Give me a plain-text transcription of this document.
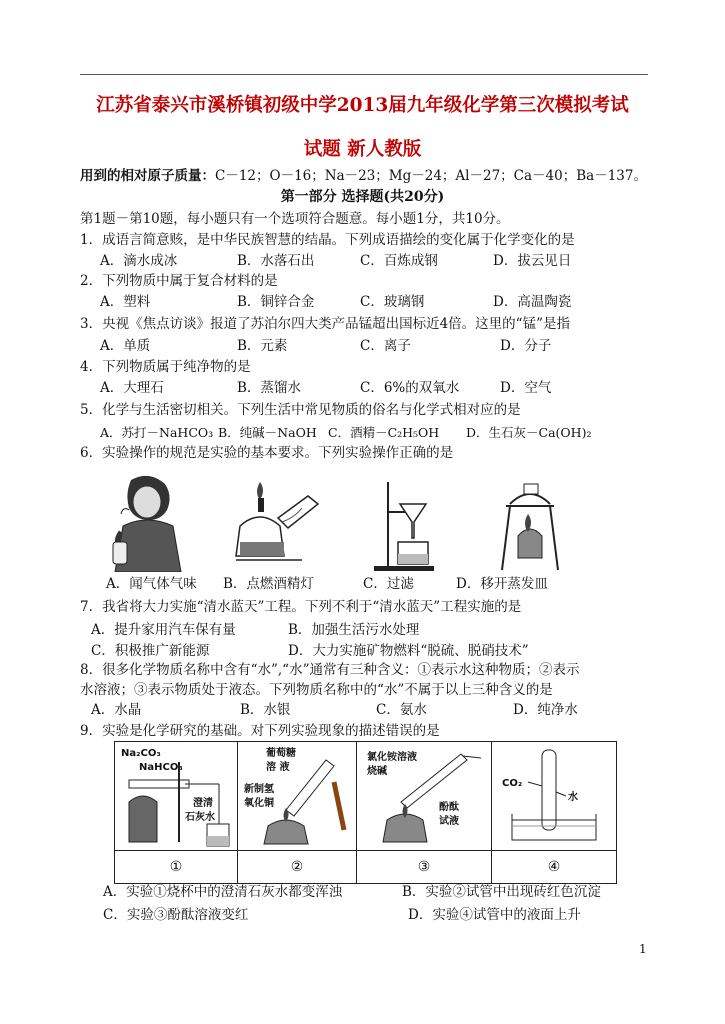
江苏省泰兴市溪桥镇初级中学2013届九年级化学第三次模拟考试
试题 新人教版
用到的相对原子质量：C－12；O－16；Na－23；Mg－24；Al－27；Ca－40；Ba－137。
第一部分 选择题(共20分)
第1题－第10题，每小题只有一个选项符合题意。每小题1分，共10分。
1．成语言简意赅，是中华民族智慧的结晶。下列成语描绘的变化属于化学变化的是
A．滴水成冰	B．水落石出	C．百炼成钢	D．拔云见日
2．下列物质中属于复合材料的是
A．塑料	B．铜锌合金	C．玻璃钢	D．高温陶瓷
3．央视《焦点访谈》报道了苏泊尔四大类产品锰超出国标近4倍。这里的“锰”是指
A．单质	B．元素	C．离子	D．分子
4．下列物质属于纯净物的是
A．大理石	B．蒸馏水	C．6%的双氧水	D．空气
5．化学与生活密切相关。下列生活中常见物质的俗名与化学式相对应的是
A．苏打－NaHCO₃ B．纯碱－NaOH C．酒精－C₂H₅OH D．生石灰－Ca(OH)₂
6．实验操作的规范是实验的基本要求。下列实验操作正确的是
A．闻气体气味 B．点燃酒精灯	C．过滤	D．移开蒸发皿
7．我省将大力实施“清水蓝天”工程。下列不利于“清水蓝天”工程实施的是
A．提升家用汽车保有量	B．加强生活污水处理
C．积极推广新能源	D．大力实施矿物燃料“脱硫、脱硝技术”
8．很多化学物质名称中含有“水”,“水”通常有三种含义：①表示水这种物质；②表示
水溶液；③表示物质处于液态。下列物质名称中的“水”不属于以上三种含义的是
A．水晶	B．水银	C．氨水	D．纯净水
9．实验是化学研究的基础。对下列实验现象的描述错误的是
Na₂CO₃
NaHCO₃
澄清
石灰水	葡萄糖
溶 液
新制氢
氧化铜	氯化铵溶液
烧碱
酚酞
试液	CO₂
水

①	②	③	④
A．实验①烧杯中的澄清石灰水都变浑浊	B．实验②试管中出现砖红色沉淀
C．实验③酚酞溶液变红	D．实验④试管中的液面上升
1
